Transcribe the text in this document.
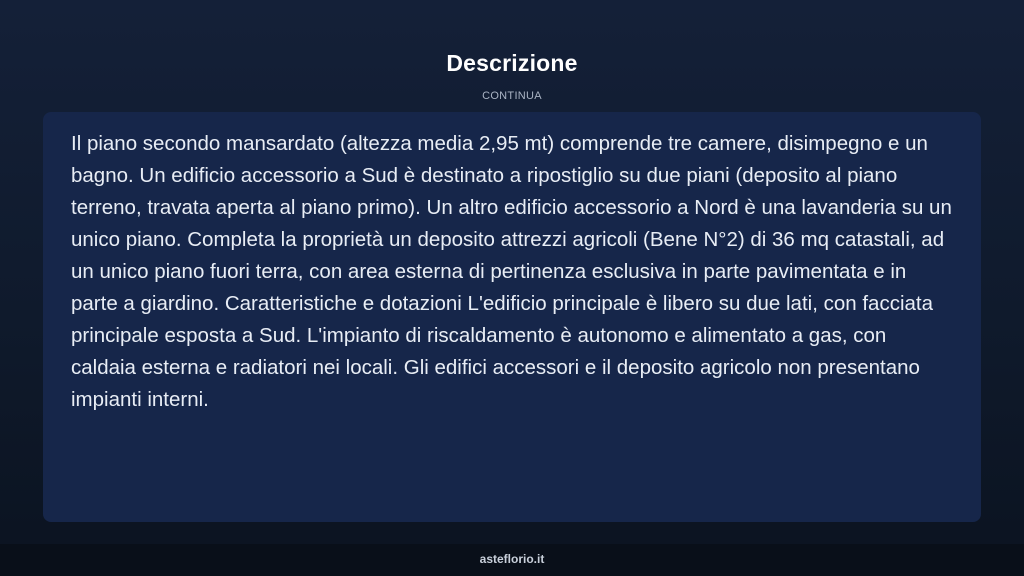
Descrizione
CONTINUA

Il piano secondo mansardato (altezza media 2,95 mt) comprende tre camere, disimpegno e un bagno. Un edificio accessorio a Sud è destinato a ripostiglio su due piani (deposito al piano terreno, travata aperta al piano primo). Un altro edificio accessorio a Nord è una lavanderia su un unico piano. Completa la proprietà un deposito attrezzi agricoli (Bene N°2) di 36 mq catastali, ad un unico piano fuori terra, con area esterna di pertinenza esclusiva in parte pavimentata e in parte a giardino. Caratteristiche e dotazioni L'edificio principale è libero su due lati, con facciata principale esposta a Sud. L'impianto di riscaldamento è autonomo e alimentato a gas, con caldaia esterna e radiatori nei locali. Gli edifici accessori e il deposito agricolo non presentano impianti interni.

asteflorio.it
